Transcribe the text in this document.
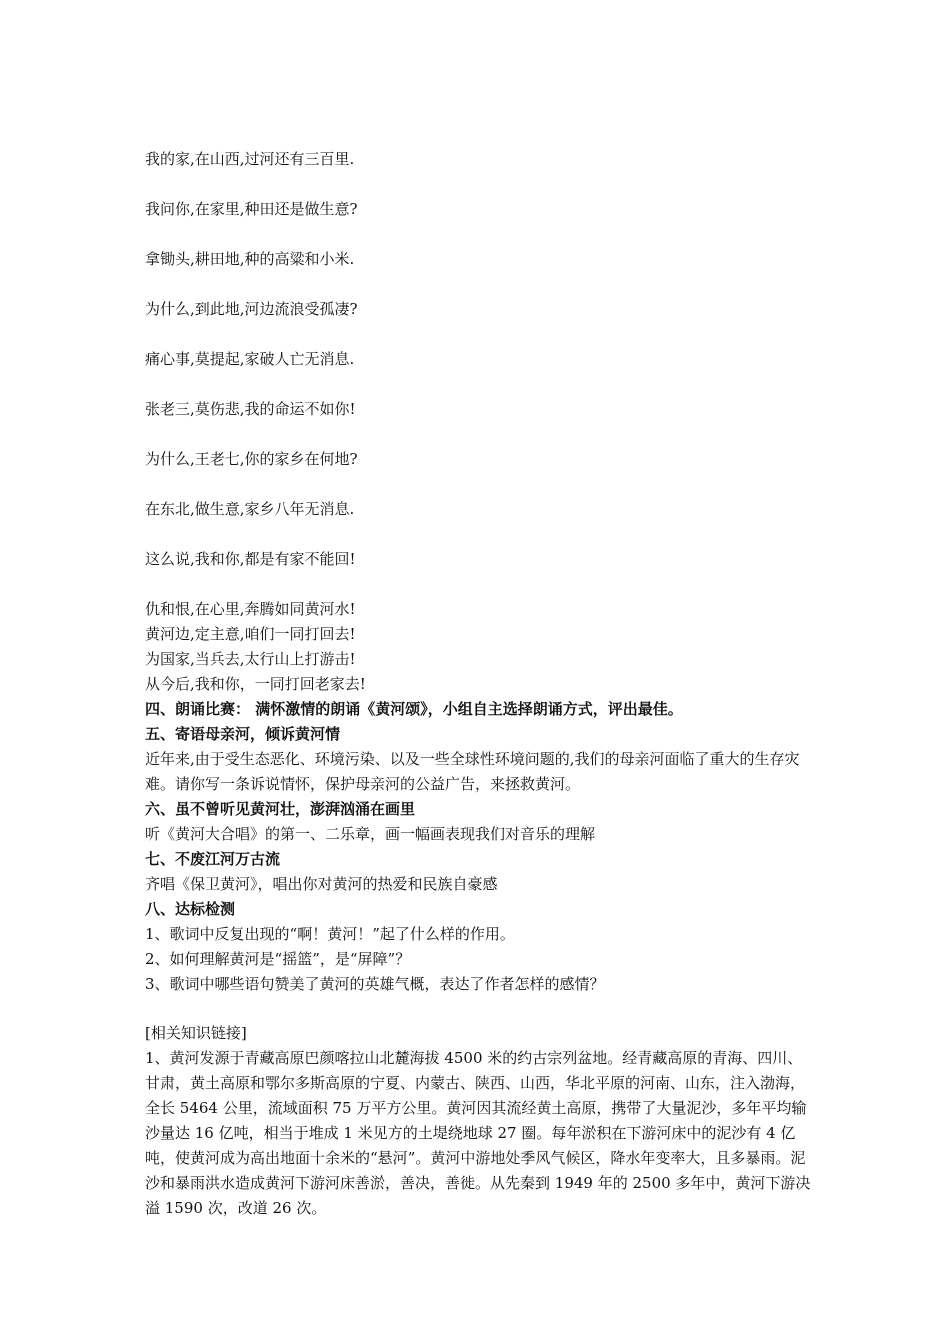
我的家,在山西,过河还有三百里.
我问你,在家里,种田还是做生意?
拿锄头,耕田地,种的高粱和小米.
为什么,到此地,河边流浪受孤凄?
痛心事,莫提起,家破人亡无消息.
张老三,莫伤悲,我的命运不如你!
为什么,王老七,你的家乡在何地?
在东北,做生意,家乡八年无消息.
这么说,我和你,都是有家不能回!
仇和恨,在心里,奔腾如同黄河水!
黄河边,定主意,咱们一同打回去!
为国家,当兵去,太行山上打游击!
从今后,我和你，一同打回老家去!
四、朗诵比赛： 满怀激情的朗诵《黄河颂》，小组自主选择朗诵方式，评出最佳。
五、寄语母亲河，倾诉黄河情
近年来,由于受生态恶化、环境污染、以及一些全球性环境问题的,我们的母亲河面临了重大的生存灾难。请你写一条诉说情怀，保护母亲河的公益广告，来拯救黄河。
六、虽不曾听见黄河壮，澎湃汹涌在画里
听《黄河大合唱》的第一、二乐章，画一幅画表现我们对音乐的理解
七、不废江河万古流
齐唱《保卫黄河》，唱出你对黄河的热爱和民族自豪感
八、达标检测
1、歌词中反复出现的“啊！黄河！”起了什么样的作用。
2、如何理解黄河是“摇篮”，是“屏障”？
3、歌词中哪些语句赞美了黄河的英雄气概，表达了作者怎样的感情？
[相关知识链接]
1、黄河发源于青藏高原巴颜喀拉山北麓海拔 4500 米的约古宗列盆地。经青藏高原的青海、四川、甘肃，黄土高原和鄂尔多斯高原的宁夏、内蒙古、陕西、山西，华北平原的河南、山东，注入渤海，全长 5464 公里，流域面积 75 万平方公里。黄河因其流经黄土高原，携带了大量泥沙，多年平均输沙量达 16 亿吨，相当于堆成 1 米见方的土堤绕地球 27 圈。每年淤积在下游河床中的泥沙有 4 亿吨，使黄河成为高出地面十余米的“悬河”。黄河中游地处季风气候区，降水年变率大，且多暴雨。泥沙和暴雨洪水造成黄河下游河床善淤，善决，善徙。从先秦到 1949 年的 2500 多年中，黄河下游决溢 1590 次，改道 26 次。
